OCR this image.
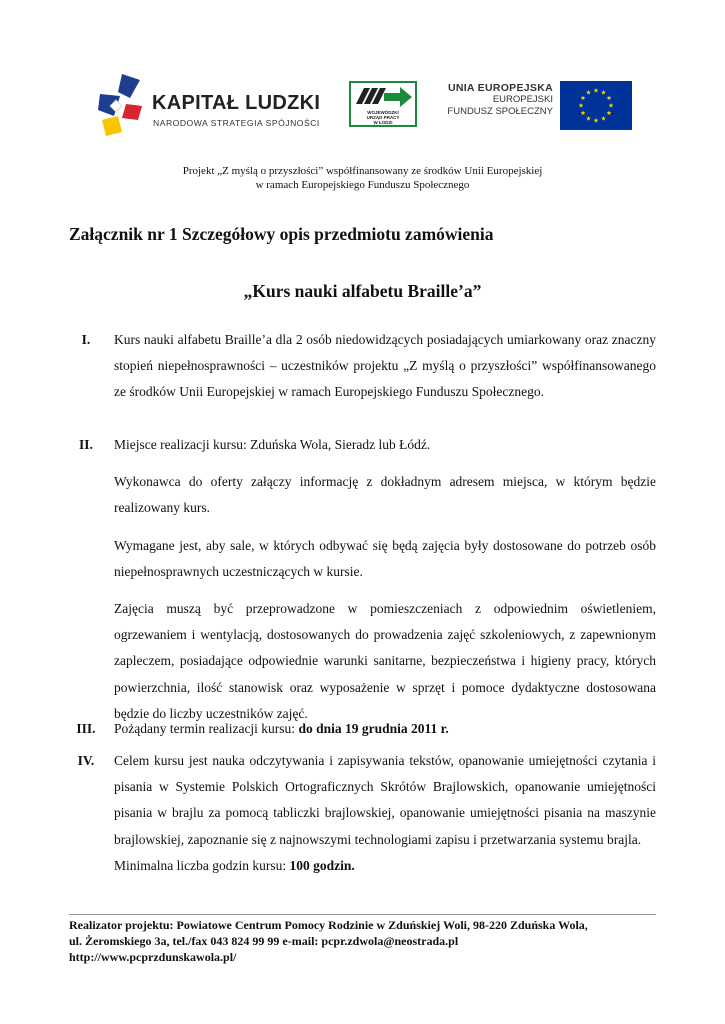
KAPITAŁ LUDZKI
NARODOWA STRATEGIA SPÓJNOŚCI
WOJEWÓDZKI
URZĄD PRACY
W ŁODZI
UNIA EUROPEJSKA
EUROPEJSKI
FUNDUSZ SPOŁECZNY
Projekt „Z myślą o przyszłości” współfinansowany ze środków Unii Europejskiej
w ramach Europejskiego Funduszu Społecznego
Załącznik nr 1 Szczegółowy opis przedmiotu zamówienia
„Kurs nauki alfabetu Braille’a”
I.	Kurs nauki alfabetu Braille’a dla 2 osób niedowidzących posiadających umiarkowany oraz znaczny stopień niepełnosprawności – uczestników projektu „Z myślą o przyszłości” współfinansowanego ze środków Unii Europejskiej w ramach Europejskiego Funduszu Społecznego.
II.	Miejsce realizacji kursu: Zduńska Wola, Sieradz lub Łódź.

Wykonawca do oferty załączy informację z dokładnym adresem miejsca, w którym będzie realizowany kurs.

Wymagane jest, aby sale, w których odbywać się będą zajęcia były dostosowane do potrzeb osób niepełnosprawnych uczestniczących w kursie.

Zajęcia muszą być przeprowadzone w pomieszczeniach z odpowiednim oświetleniem, ogrzewaniem i wentylacją, dostosowanych do prowadzenia zajęć szkoleniowych, z zapewnionym zapleczem, posiadające odpowiednie warunki sanitarne, bezpieczeństwa i higieny pracy, których powierzchnia, ilość stanowisk oraz wyposażenie w sprzęt i pomoce dydaktyczne dostosowana będzie do liczby uczestników zajęć.

III.	Pożądany termin realizacji kursu: do dnia 19 grudnia 2011 r.
IV.	Celem kursu jest nauka odczytywania i zapisywania tekstów, opanowanie umiejętności czytania i pisania w Systemie Polskich Ortograficznych Skrótów Brajlowskich, opanowanie umiejętności pisania w brajlu za pomocą tabliczki brajlowskiej, opanowanie umiejętności pisania na maszynie brajlowskiej, zapoznanie się z najnowszymi technologiami zapisu i przetwarzania systemu brajla.

Minimalna liczba godzin kursu: 100 godzin.

Realizator projektu: Powiatowe Centrum Pomocy Rodzinie w Zduńskiej Woli, 98-220 Zduńska Wola,
ul. Żeromskiego 3a, tel./fax 043 824 99 99 e-mail: pcpr.zdwola@neostrada.pl
http://www.pcprzdunskawola.pl/
